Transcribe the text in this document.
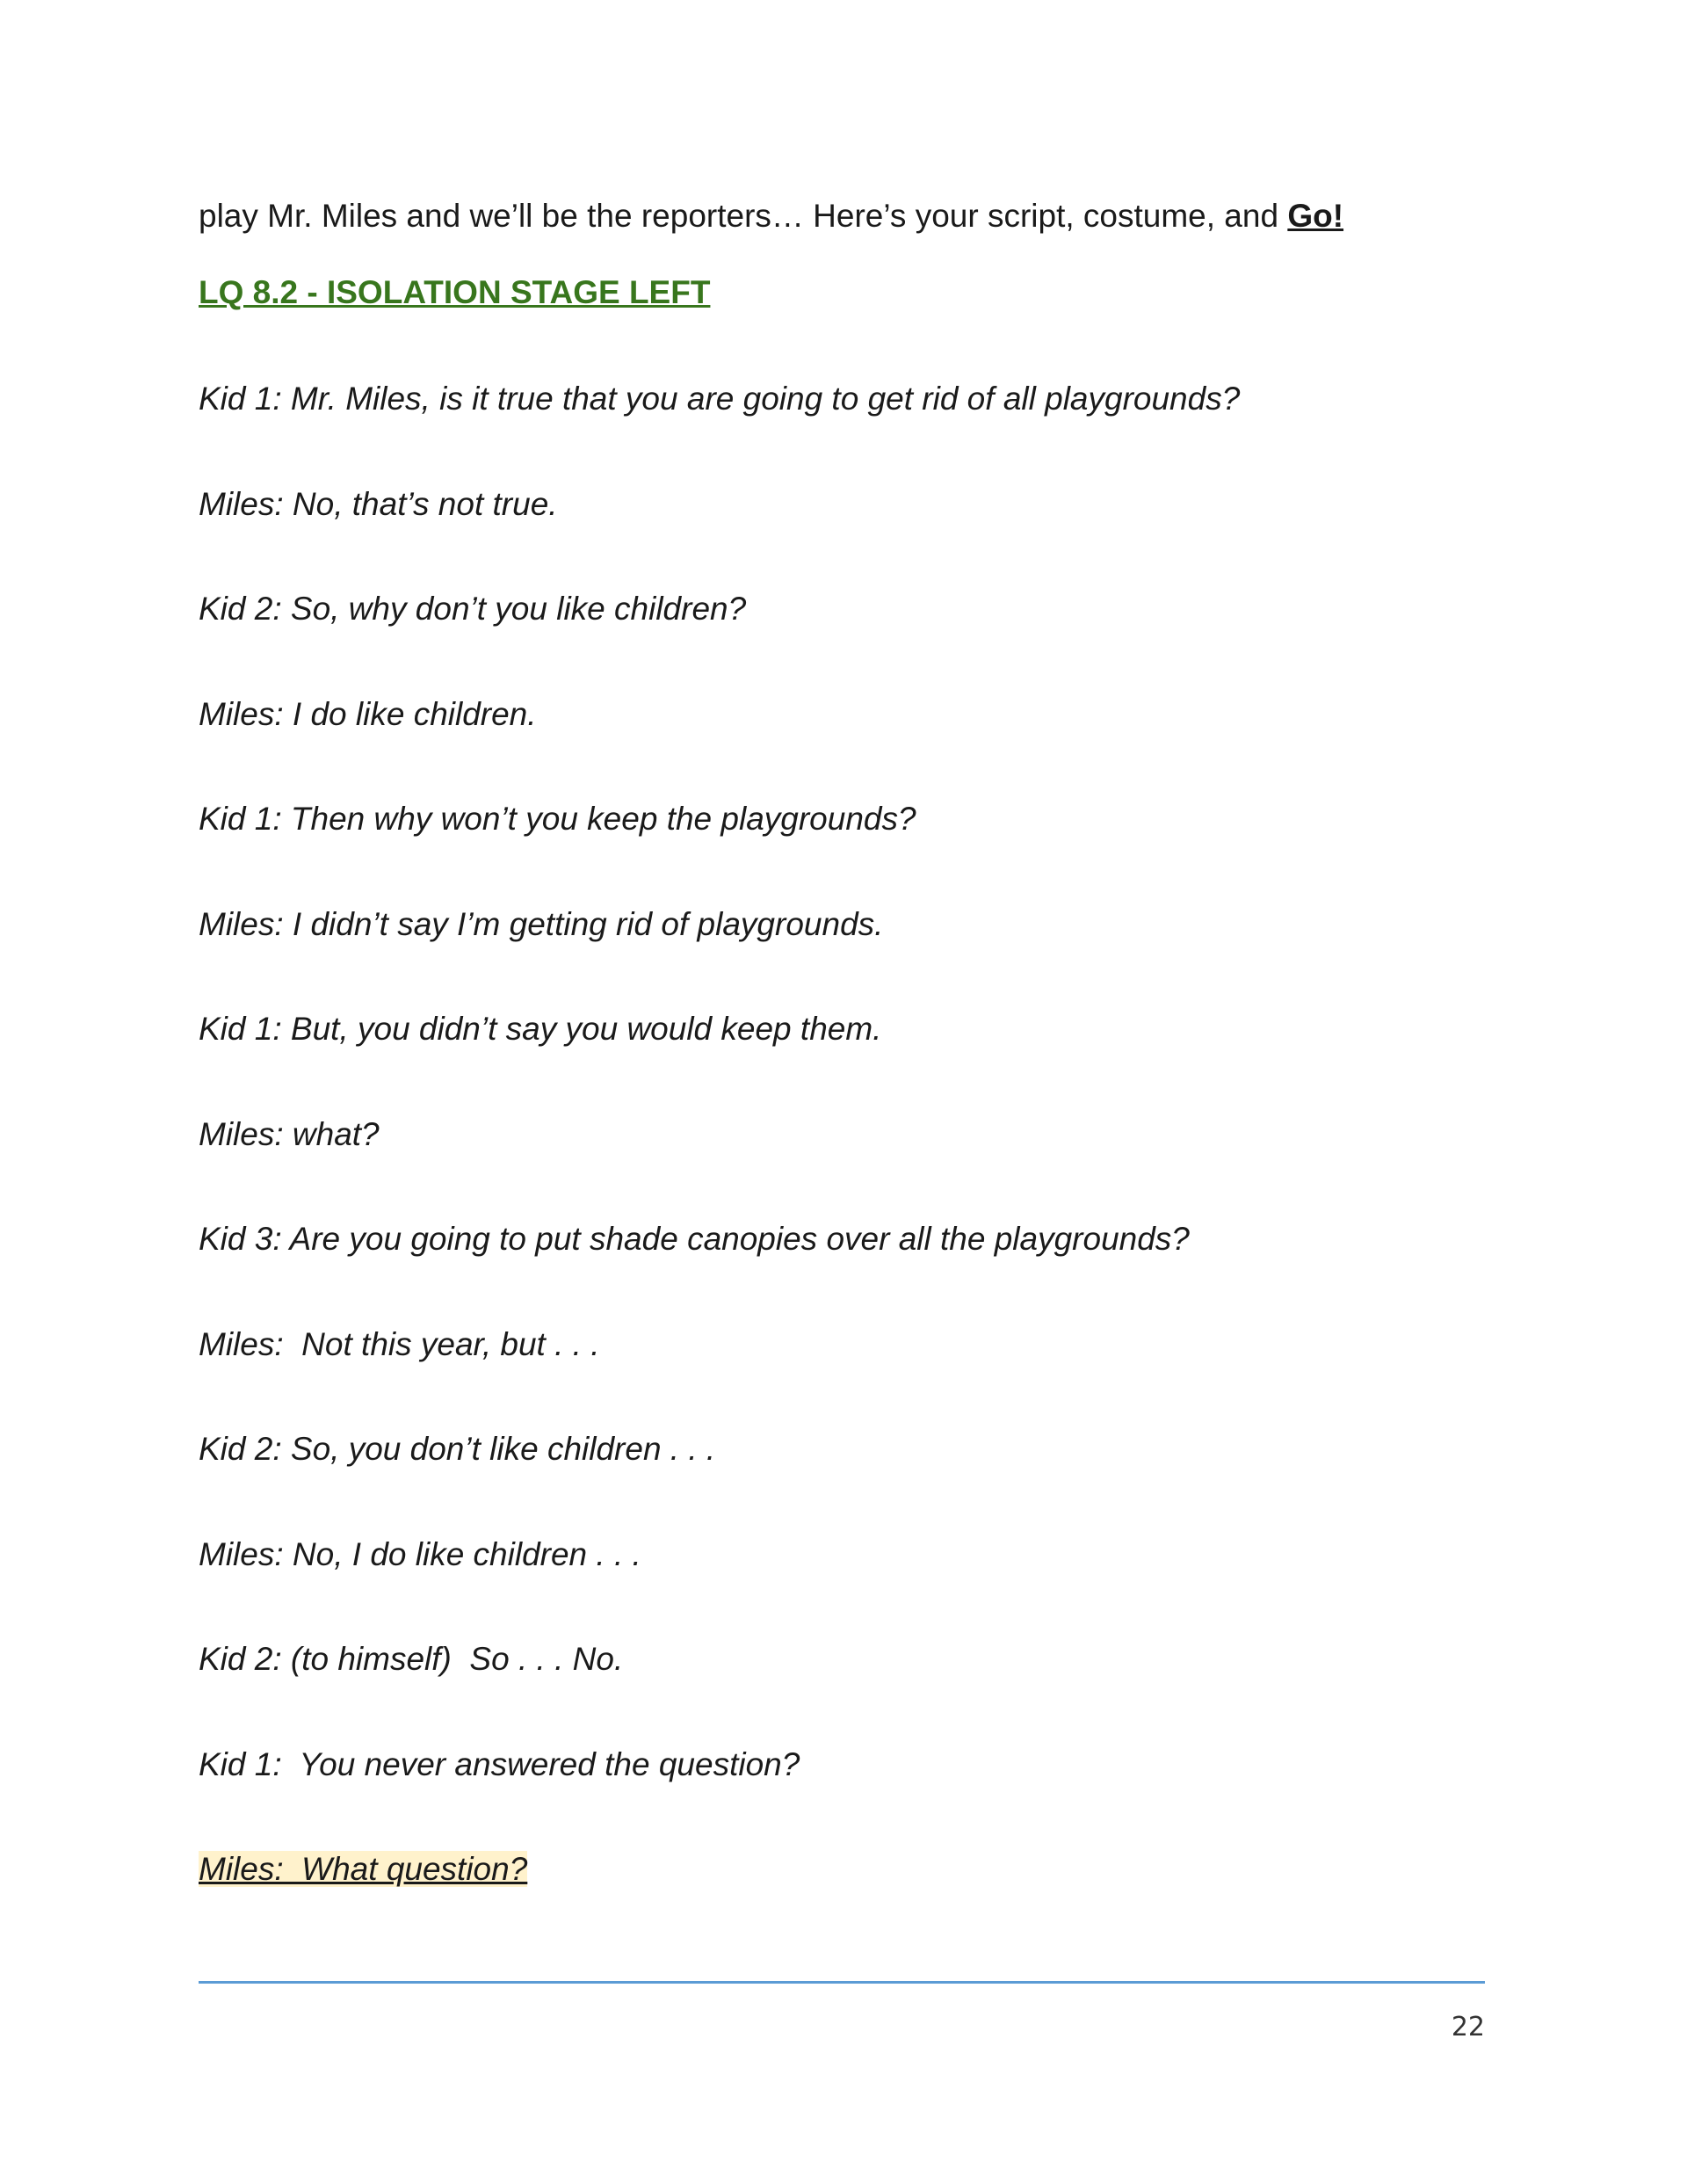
play Mr. Miles and we’ll be the reporters… Here’s your script, costume, and Go!
LQ 8.2 - ISOLATION STAGE LEFT
Kid 1: Mr. Miles, is it true that you are going to get rid of all playgrounds?
Miles: No, that’s not true.
Kid 2: So, why don’t you like children?
Miles: I do like children.
Kid 1: Then why won’t you keep the playgrounds?
Miles: I didn’t say I’m getting rid of playgrounds.
Kid 1: But, you didn’t say you would keep them.
Miles: what?
Kid 3: Are you going to put shade canopies over all the playgrounds?
Miles:  Not this year, but . . .
Kid 2: So, you don’t like children . . .
Miles: No, I do like children . . .
Kid 2: (to himself)  So . . . No.
Kid 1:  You never answered the question?
Miles:  What question?
22
